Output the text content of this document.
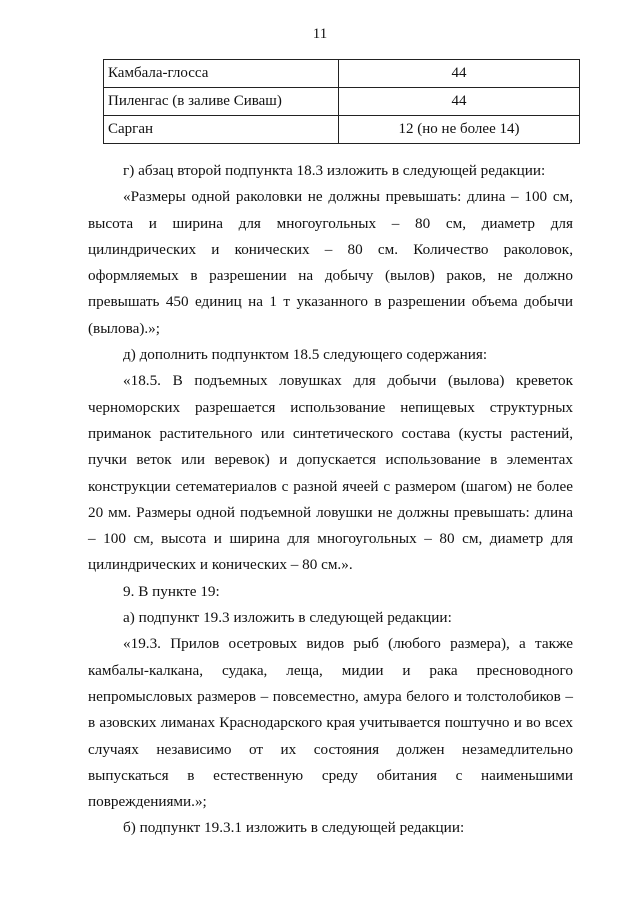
11
Камбала-глосса	44
Пиленгас (в заливе Сиваш)	44
Сарган	12 (но не более 14)

г) абзац второй подпункта 18.3 изложить в следующей редакции:

«Размеры одной раколовки не должны превышать: длина – 100 см, высота и ширина для многоугольных – 80 см, диаметр для цилиндрических и конических – 80 см. Количество раколовок, оформляемых в разрешении на добычу (вылов) раков, не должно превышать 450 единиц на 1 т указанного в разрешении объема добычи (вылова).»;

д) дополнить подпунктом 18.5 следующего содержания:

«18.5. В подъемных ловушках для добычи (вылова) креветок черноморских разрешается использование непищевых структурных приманок растительного или синтетического состава (кусты растений, пучки веток или веревок) и допускается использование в элементах конструкции сетематериалов с разной ячеей с размером (шагом) не более 20 мм. Размеры одной подъемной ловушки не должны превышать: длина – 100 см, высота и ширина для многоугольных – 80 см, диаметр для цилиндрических и конических – 80 см.».

9. В пункте 19:

а) подпункт 19.3 изложить в следующей редакции:

«19.3. Прилов осетровых видов рыб (любого размера), а также камбалы-калкана, судака, леща, мидии и рака пресноводного непромысловых размеров – повсеместно, амура белого и толстолобиков – в азовских лиманах Краснодарского края учитывается поштучно и во всех случаях независимо от их состояния должен незамедлительно выпускаться в естественную среду обитания с наименьшими повреждениями.»;

б) подпункт 19.3.1 изложить в следующей редакции:
